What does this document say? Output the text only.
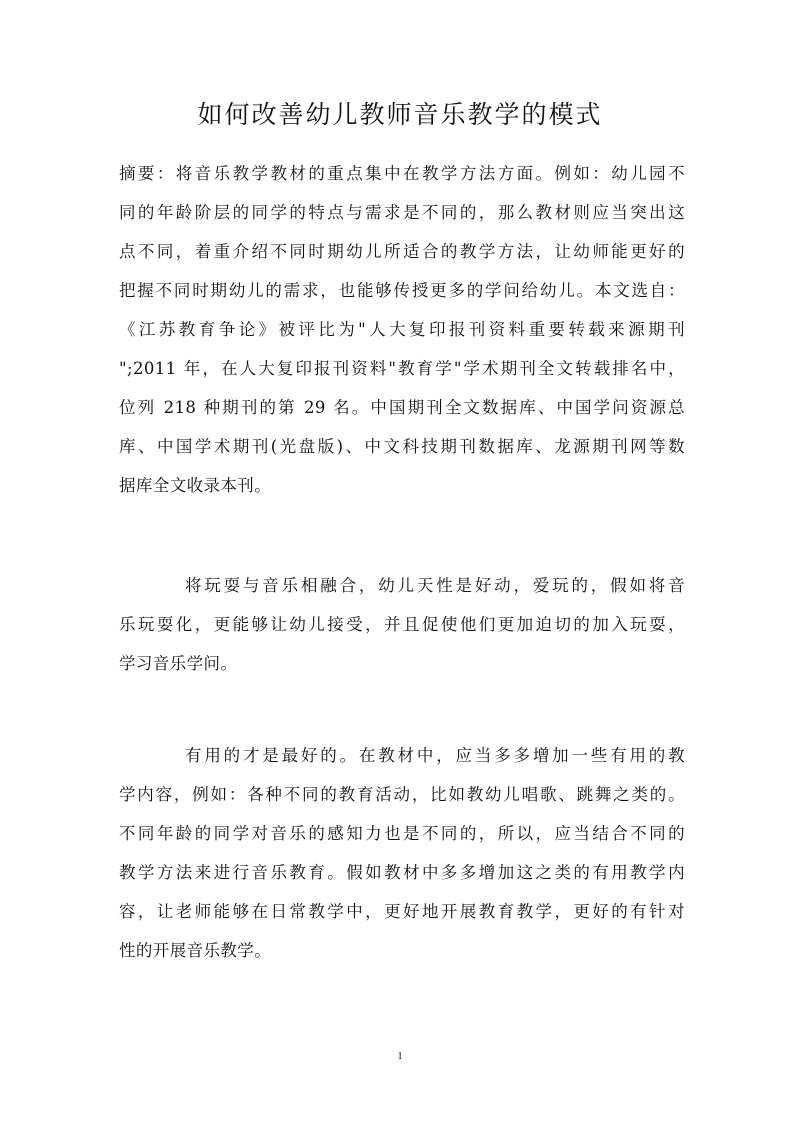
如何改善幼儿教师音乐教学的模式
摘要：将音乐教学教材的重点集中在教学方法方面。例如：幼儿园不
同的年龄阶层的同学的特点与需求是不同的，那么教材则应当突出这
点不同，着重介绍不同时期幼儿所适合的教学方法，让幼师能更好的
把握不同时期幼儿的需求，也能够传授更多的学问给幼儿。本文选自：
《江苏教育争论》被评比为"人大复印报刊资料重要转载来源期刊
";2011 年，在人大复印报刊资料"教育学"学术期刊全文转载排名中，
位列 218 种期刊的第 29 名。中国期刊全文数据库、中国学问资源总
库、中国学术期刊(光盘版)、中文科技期刊数据库、龙源期刊网等数
据库全文收录本刊。
将玩耍与音乐相融合，幼儿天性是好动，爱玩的，假如将音
乐玩耍化，更能够让幼儿接受，并且促使他们更加迫切的加入玩耍，
学习音乐学问。
有用的才是最好的。在教材中，应当多多增加一些有用的教
学内容，例如：各种不同的教育活动，比如教幼儿唱歌、跳舞之类的。
不同年龄的同学对音乐的感知力也是不同的，所以，应当结合不同的
教学方法来进行音乐教育。假如教材中多多增加这之类的有用教学内
容，让老师能够在日常教学中，更好地开展教育教学，更好的有针对
性的开展音乐教学。
1
